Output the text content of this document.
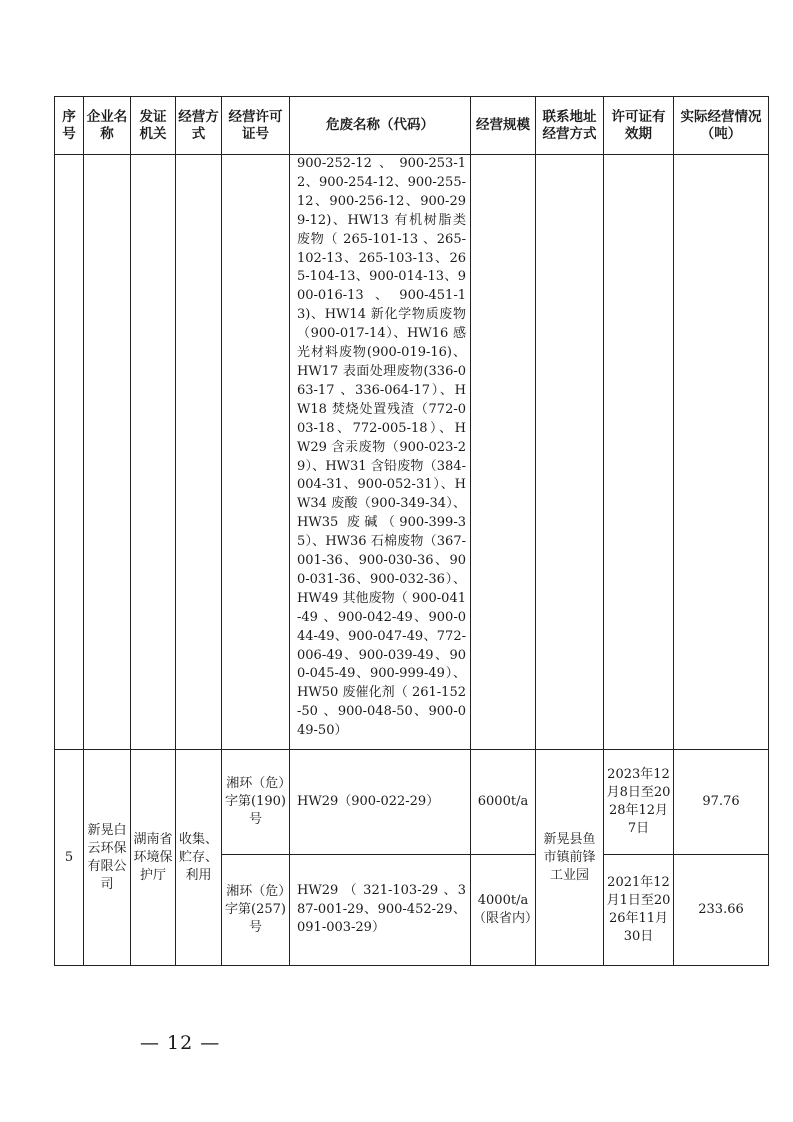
序号	企业名称	发证机关	经营方式	经营许可证号	危废名称（代码）	经营规模	联系地址经营方式	许可证有效期	实际经营情况（吨）
					900-252-12、900-253-12、900-254-12、900-255-12、900-256-12、900-299-12)、HW13 有机树脂类废物（ 265-101-13 、265-102-13、265-103-13、265-104-13、900-014-13、900-016-13、900-451-13)、HW14 新化学物质废物（900-017-14）、HW16 感光材料废物(900-019-16)、HW17 表面处理废物(336-063-17 、336-064-17）、HW18 焚烧处置残渣（772-003-18、772-005-18）、HW29 含汞废物（900-023-29）、HW31 含铅废物（384-004-31、900-052-31）、HW34 废酸（900-349-34）、HW35 废碱（900-399-35）、HW36 石棉废物（367-001-36、900-030-36、900-031-36、900-032-36）、HW49 其他废物（ 900-041-49 、900-042-49、900-044-49、900-047-49、772-006-49、900-039-49、900-045-49、900-999-49）、HW50 废催化剂（ 261-152-50 、900-048-50、900-049-50）				
5	新晃白云环保有限公司	湖南省环境保护厅	收集、贮存、利用	湘环（危）字第(190)号	HW29（900-022-29）	6000t/a	新晃县鱼市镇前锋工业园	2023年12月8日至2028年12月7日	97.76
				湘环（危）字第(257)号	HW29 （ 321-103-29 、387-001-29、900-452-29、091-003-29）	4000t/a（限省内）		2021年12月1日至2026年11月30日	233.66
— 12 —
